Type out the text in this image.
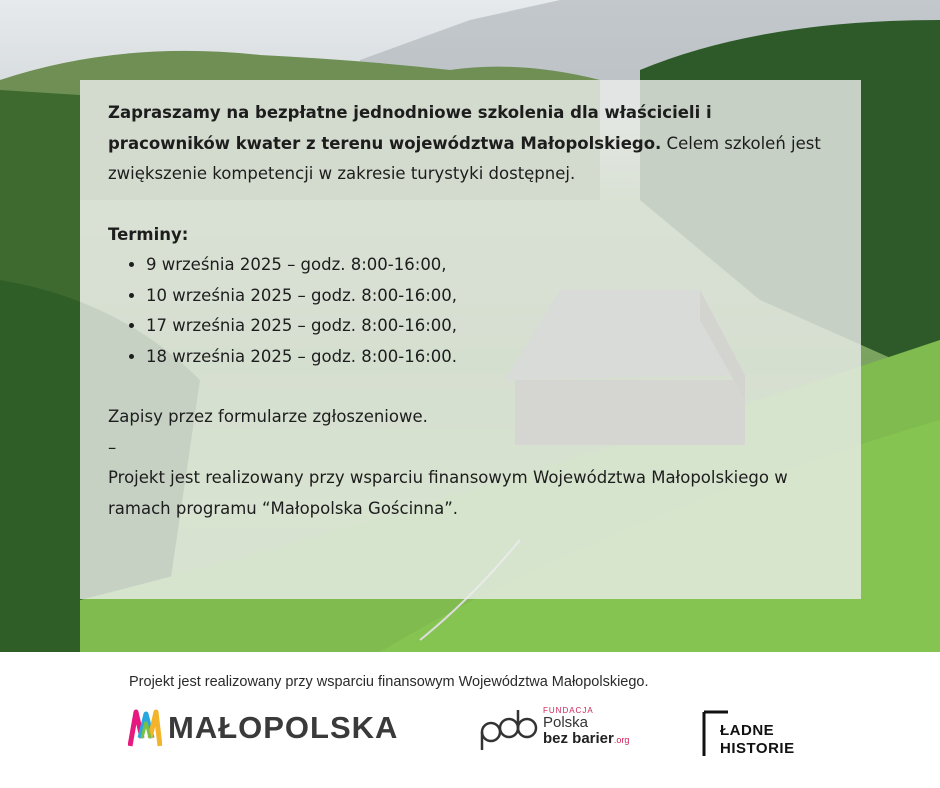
Zapraszamy na bezpłatne jednodniowe szkolenia dla właścicieli i pracowników kwater z terenu województwa Małopolskiego. Celem szkoleń jest zwiększenie kompetencji w zakresie turystyki dostępnej.

Terminy:

• 9 września 2025 – godz. 8:00-16:00,
• 10 września 2025 – godz. 8:00-16:00,
• 17 września 2025 – godz. 8:00-16:00,
• 18 września 2025 – godz. 8:00-16:00.

Zapisy przez formularze zgłoszeniowe.

–

Projekt jest realizowany przy wsparciu finansowym Województwa Małopolskiego w ramach programu “Małopolska Gościnna”.

Projekt jest realizowany przy wsparciu finansowym Województwa Małopolskiego.
MAŁOPOLSKA	FUNDACJA
Polska
bez barier.org
ŁADNE
HISTORIE
